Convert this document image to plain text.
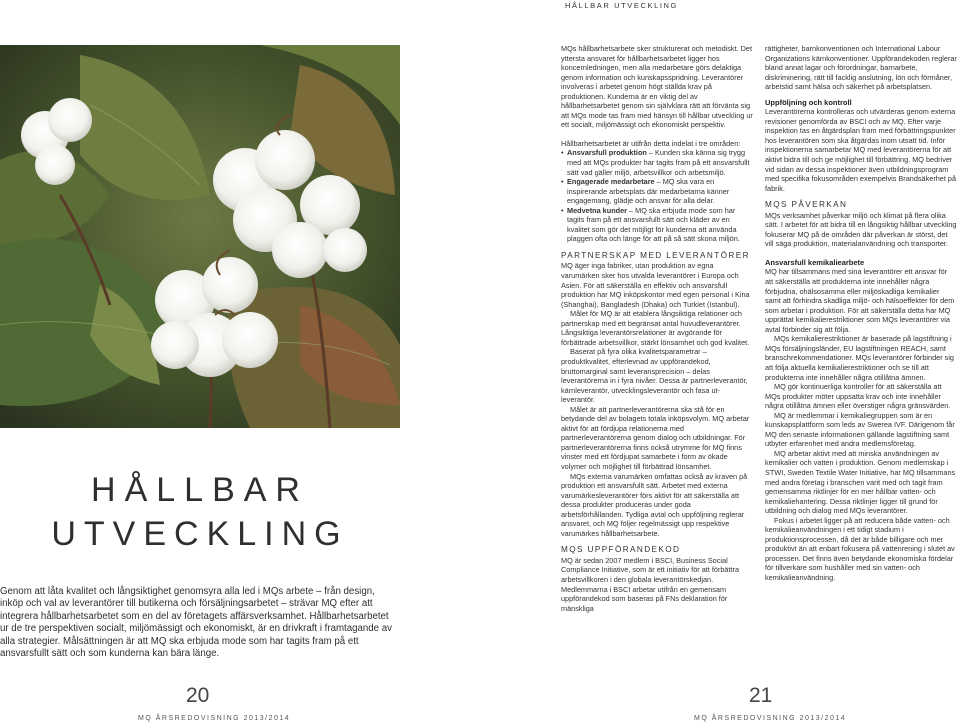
HÅLLBAR UTVECKLING
HÅLLBAR
UTVECKLING

Genom att låta kvalitet och långsiktighet genomsyra alla led i MQs arbete – från design, inköp och val av leverantörer till butikerna och försäljningsarbetet – strävar MQ efter att integrera hållbarhetsarbetet som en del av företagets affärsverksamhet. Hållbarhetsarbetet ur de tre perspektiven socialt, miljömässigt och ekonomiskt, är en drivkraft i framtagande av alla strategier. Målsättningen är att MQ ska erbjuda mode som har tagits fram på ett ansvarsfullt sätt och som kunderna kan bära länge.

20
MQ ÅRSREDOVISNING 2013/2014
21
MQ ÅRSREDOVISNING 2013/2014

MQs hållbarhetsarbete sker strukturerat och metodiskt. Det yttersta ansvaret för hållbarhetsarbetet ligger hos koncernledningen, men alla medarbetare görs delaktiga genom information och kunskapsspridning. Leverantörer involveras i arbetet genom högt ställda krav på produktionen. Kunderna är en viktig del av hållbarhetsarbetet genom sin självklara rätt att förvänta sig att MQs mode tas fram med hänsyn till hållbar utveckling ur ett socialt, miljömässigt och ekonomiskt perspektiv.

Hållbarhetsarbetet är utifrån detta indelat i tre områden:

• Ansvarsfull produktion – Kunden ska känna sig trygg med att MQs produkter har tagits fram på ett ansvarsfullt sätt vad gäller miljö, arbetsvillkor och arbetsmiljö.
• Engagerade medarbetare – MQ ska vara en inspirerande arbetsplats där medarbetarna känner engagemang, glädje och ansvar för alla delar.
• Medvetna kunder – MQ ska erbjuda mode som har tagits fram på ett ansvarsfullt sätt och kläder av en kvalitet som gör det möjligt för kunderna att använda plaggen ofta och länge för att på så sätt skona miljön.
PARTNERSKAP MED LEVERANTÖRER

MQ äger inga fabriker, utan produktion av egna varumärken sker hos utvalda leverantörer i Europa och Asien. För att säkerställa en effektiv och ansvarsfull produktion har MQ inköpskontor med egen personal i Kina (Shanghai), Bangladesh (Dhaka) och Turkiet (Istanbul).

Målet för MQ är att etablera långsiktiga relationer och partnerskap med ett begränsat antal huvudleverantörer. Långsiktiga leverantörsrelationer är avgörande för förbättrade arbetsvillkor, stärkt lönsamhet och god kvalitet.

Baserat på fyra olika kvalitetsparametrar – produktkvalitet, efterlevnad av uppförandekod, bruttomarginal samt leveransprecision – delas leverantörerna in i fyra nivåer. Dessa är partnerleverantör, kärnleverantör, utvecklingsleverantör och fasa ut-leverantör.

Målet är att partnerleverantörerna ska stå för en betydande del av bolagets totala inköpsvolym. MQ arbetar aktivt för att fördjupa relationerna med partnerleverantörerna genom dialog och utbildningar. För partnerleverantörerna finns också utrymme för MQ finns vinster med ett fördjupat samarbete i form av ökade volymer och möjlighet till förbättrad lönsamhet.

MQs externa varumärken omfattas också av kraven på produktion ett ansvarsfullt sätt. Arbetet med externa varumärkesleverantörer förs aktivt för att säkerställa att dessa produkter produceras under goda arbetsförhållanden. Tydliga avtal och uppföljning reglerar ansvaret, och MQ följer regelmässigt upp respektive varumärkes hållbarhetsarbete.

MQS UPPFÖRANDEKOD

MQ är sedan 2007 medlem i BSCI, Business Social Compliance Initiative, som är ett initiativ för att förbättra arbetsvillkoren i den globala leverantörskedjan. Medlemmarna i BSCI arbetar utifrån en gemensam uppförandekod som baseras på FNs deklaration för mänskliga

rättigheter, barnkonventionen och International Labour Organizations kärnkonventioner. Uppförandekoden reglerar bland annat lagar och förordningar, barnarbete, diskriminering, rätt till facklig anslutning, lön och förmåner, arbetstid samt hälsa och säkerhet på arbetsplatsen.

Uppföljning och kontroll

Leverantörerna kontrolleras och utvärderas genom externa revisioner genomförda av BSCI och av MQ. Efter varje inspektion tas en åtgärdsplan fram med förbättringspunkter hos leverantören som ska åtgärdas inom utsatt tid. Inför inspektionerna samarbetar MQ med leverantörerna för att aktivt bidra till och ge möjlighet till förbättring. MQ bedriver vid sidan av dessa inspektioner även utbildningsprogram med specifika fokusområden exempelvis Brandsäkerhet på fabrik.

MQS PÅVERKAN

MQs verksamhet påverkar miljö och klimat på flera olika sätt. I arbetet för att bidra till en långsiktig hållbar utveckling fokuserar MQ på de områden där påverkan är störst, det vill säga produktion, materialanvändning och transporter.

Ansvarsfull kemikaliearbete

MQ har tillsammans med sina leverantörer ett ansvar för att säkerställa att produkterna inte innehåller några förbjudna, ohälsosamma eller miljöskadliga kemikalier samt att förhindra skadliga miljö- och hälsoeffekter för dem som arbetar i produktion. För att säkerställa detta har MQ upprättat kemikalierestriktioner som MQs leverantörer via avtal förbinder sig att följa.

MQs kemikalierestriktioner är baserade på lagstiftning i MQs försäljningsländer, EU lagstiftningen REACH, samt branschrekommendationer. MQs leverantörer förbinder sig att följa aktuella kemikalierestriktioner och se till att produkterna inte innehåller några otillåtna ämnen.

MQ gör kontinuerliga kontroller för att säkerställa att MQs produkter möter uppsatta krav och inte innehåller några otillåtna ämnen eller överstiger några gränsvärden.

MQ är medlemmar i kemikaliegruppen som är en kunskapsplattform som leds av Swerea IVF. Därigenom får MQ den senaste informationen gällande lagstiftning samt utbyter erfarenhet med andra medlemsföretag.

MQ arbetar aktivt med att minska användningen av kemikalier och vatten i produktion. Genom medlemskap i STWI, Sweden Textile Water Initiative, har MQ tillsammans med andra företag i branschen varit med och tagit fram gemensamma riktlinjer för en mer hållbar vatten- och kemikaliehantering. Dessa riktlinjer ligger till grund för utbildning och dialog med MQs leverantörer.

Fokus i arbetet ligger på att reducera både vatten- och kemikalieanvändningen i ett tidigt stadium i produktionsprocessen, då det är både billigare och mer produktivt än att enbart fokusera på vattenrening i slutet av processen. Det finns även betydande ekonomiska fördelar för tillverkare som hushåller med sin vatten- och kemikalieanvändning.
